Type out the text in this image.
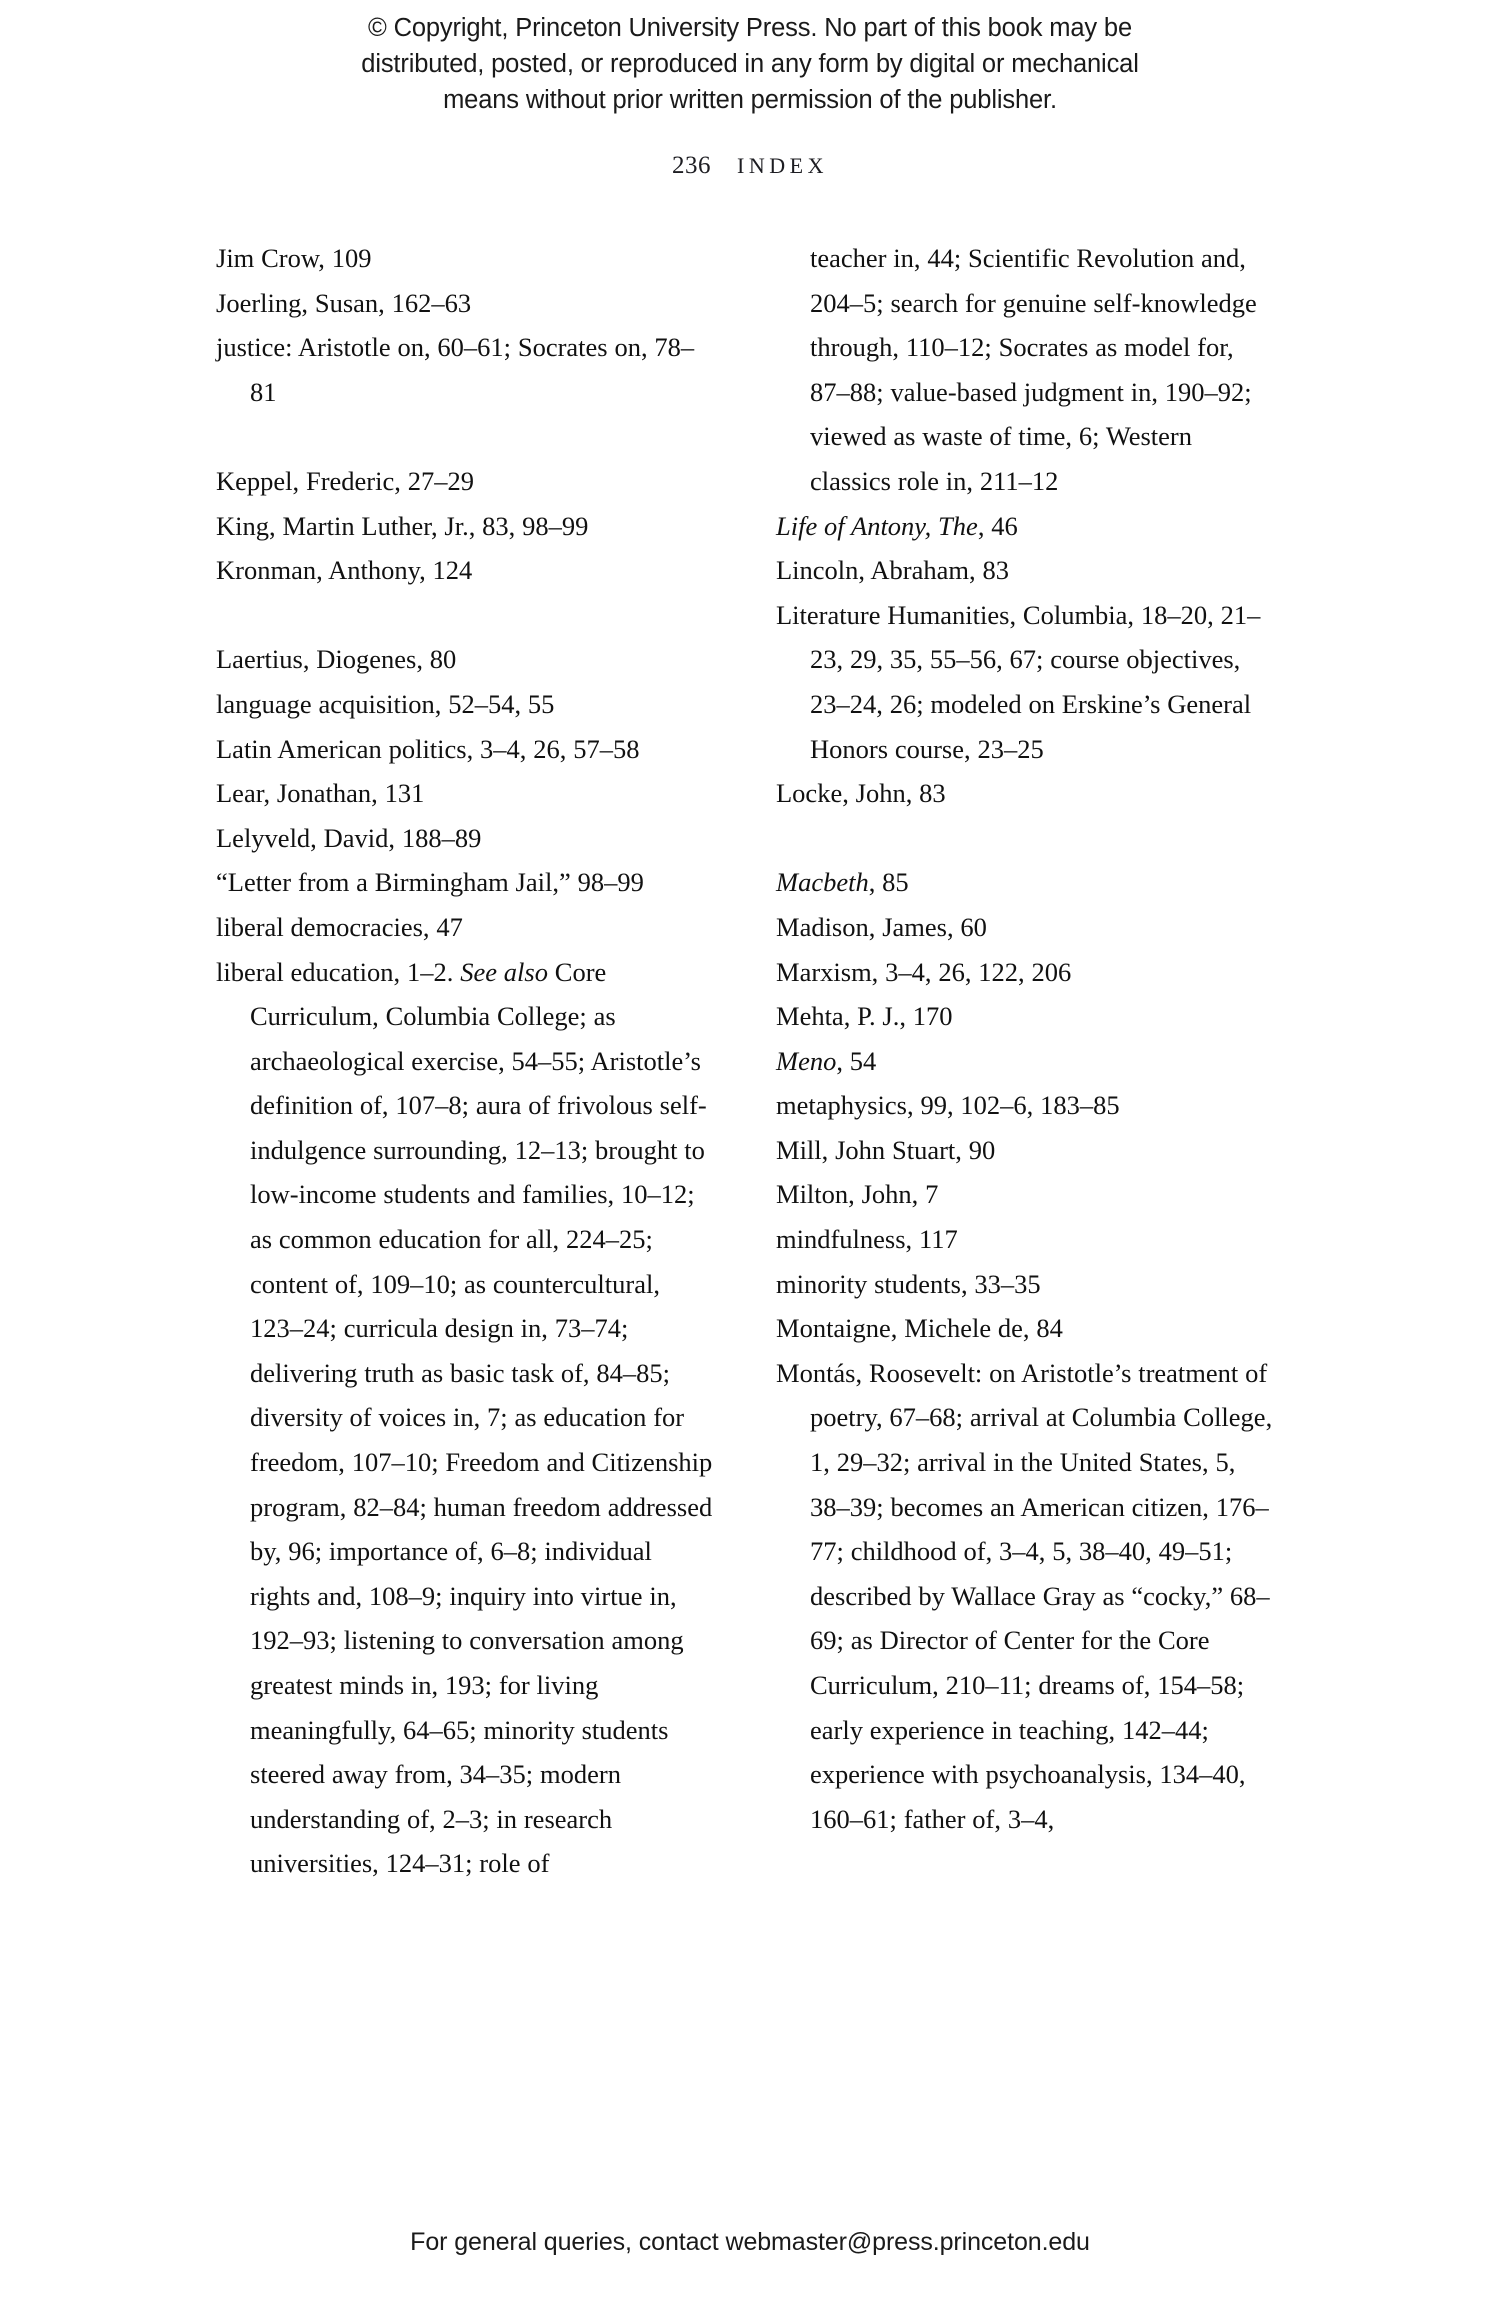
© Copyright, Princeton University Press. No part of this book may be
distributed, posted, or reproduced in any form by digital or mechanical
means without prior written permission of the publisher.
236 INDEX

Jim Crow, 109

Joerling, Susan, 162–63

justice: Aristotle on, 60–61; Socrates on, 78–81

Keppel, Frederic, 27–29

King, Martin Luther, Jr., 83, 98–99

Kronman, Anthony, 124

Laertius, Diogenes, 80

language acquisition, 52–54, 55

Latin American politics, 3–4, 26, 57–58

Lear, Jonathan, 131

Lelyveld, David, 188–89

“Letter from a Birmingham Jail,” 98–99

liberal democracies, 47

liberal education, 1–2. See also Core Curriculum, Columbia College; as archaeological exercise, 54–55; Aristotle’s definition of, 107–8; aura of frivolous self-indulgence surrounding, 12–13; brought to low-income students and families, 10–12; as common education for all, 224–25; content of, 109–10; as countercultural, 123–24; curricula design in, 73–74; delivering truth as basic task of, 84–85; diversity of voices in, 7; as education for freedom, 107–10; Freedom and Citizenship program, 82–84; human freedom addressed by, 96; importance of, 6–8; individual rights and, 108–9; inquiry into virtue in, 192–93; listening to conversation among greatest minds in, 193; for living meaningfully, 64–65; minority students steered away from, 34–35; modern understanding of, 2–3; in research universities, 124–31; role of

teacher in, 44; Scientific Revolution and, 204–5; search for genuine self-knowledge through, 110–12; Socrates as model for, 87–88; value-based judgment in, 190–92; viewed as waste of time, 6; Western classics role in, 211–12

Life of Antony, The, 46

Lincoln, Abraham, 83

Literature Humanities, Columbia, 18–20, 21–23, 29, 35, 55–56, 67; course objectives, 23–24, 26; modeled on Erskine’s General Honors course, 23–25

Locke, John, 83

Macbeth, 85

Madison, James, 60

Marxism, 3–4, 26, 122, 206

Mehta, P. J., 170

Meno, 54

metaphysics, 99, 102–6, 183–85

Mill, John Stuart, 90

Milton, John, 7

mindfulness, 117

minority students, 33–35

Montaigne, Michele de, 84

Montás, Roosevelt: on Aristotle’s treatment of poetry, 67–68; arrival at Columbia College, 1, 29–32; arrival in the United States, 5, 38–39; becomes an American citizen, 176–77; childhood of, 3–4, 5, 38–40, 49–51; described by Wallace Gray as “cocky,” 68–69; as Director of Center for the Core Curriculum, 210–11; dreams of, 154–58; early experience in teaching, 142–44; experience with psychoanalysis, 134–40, 160–61; father of, 3–4,

For general queries, contact webmaster@press.princeton.edu
